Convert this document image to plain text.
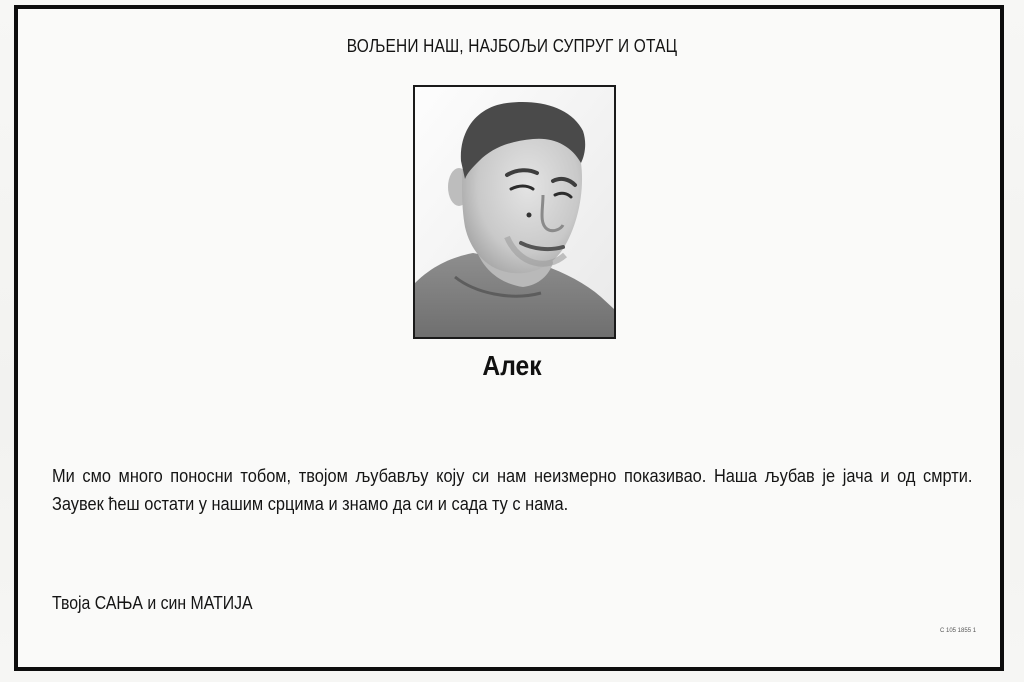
ВОЉЕНИ НАШ, НАЈБОЉИ СУПРУГ И ОТАЦ
Алек
Ми смо много поносни тобом, твојом љубављу коју си нам неизмерно показивао. Наша љубав је јача и од смрти. Заувек ћеш остати у нашим срцима и знамо да си и сада ту с нама.
Твоја САЊА и син МАТИЈА
C 105 1855 1
